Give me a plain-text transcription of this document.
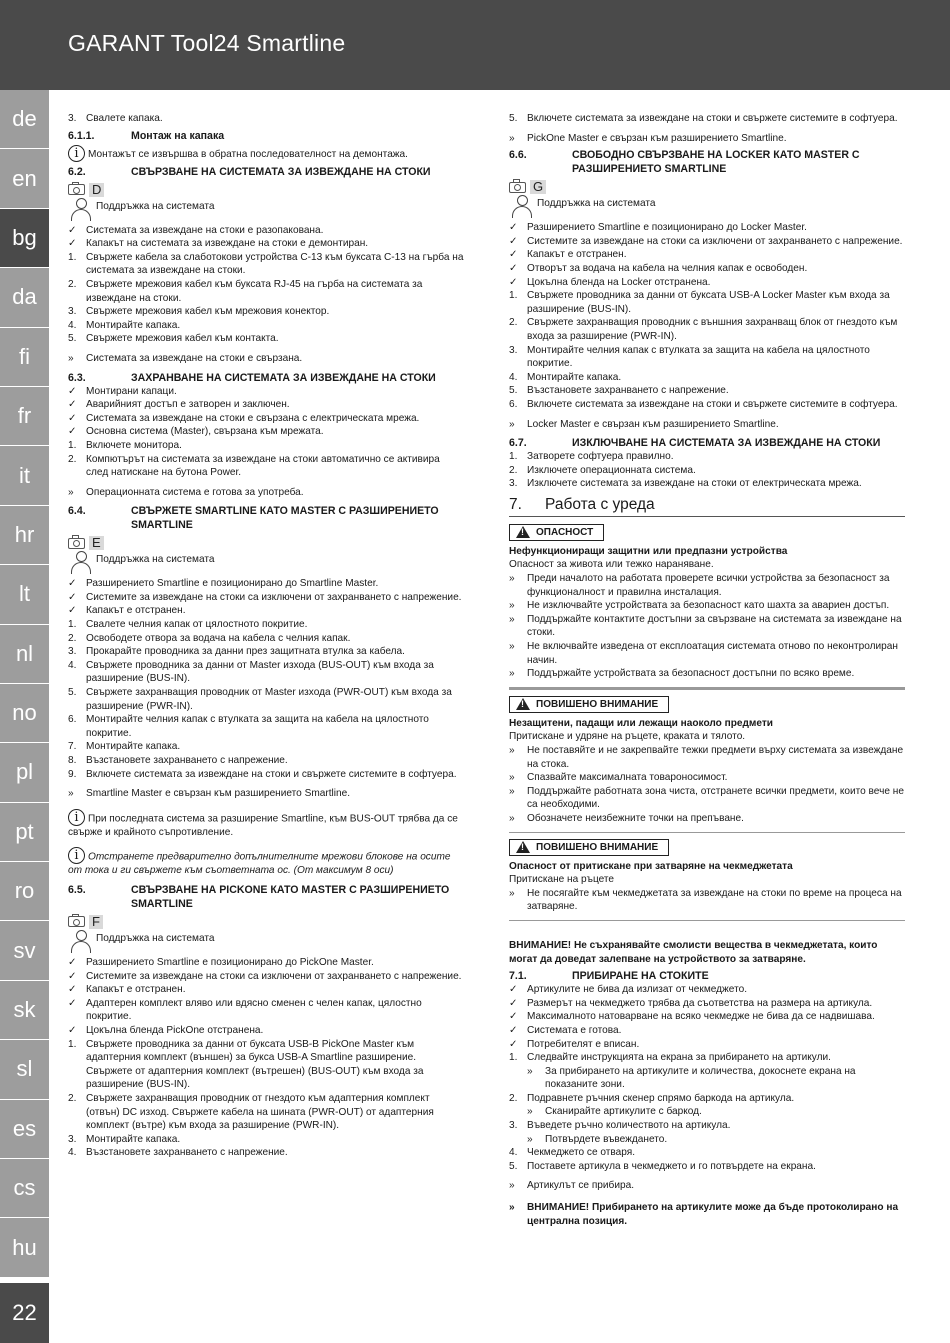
GARANT Tool24 Smartline
de
en
bg
da
fi
fr
it
hr
lt
nl
no
pl
pt
ro
sv
sk
sl
es
cs
hu
22
3. Свалете капака.
6.1.1.	Монтаж на капака
i Монтажът се извършва в обратна последователност на демонтажа.
6.2.	СВЪРЗВАНЕ НА СИСТЕМАТА ЗА ИЗВЕЖДАНЕ НА СТОКИ
D
Поддръжка на системата
✓ Системата за извеждане на стоки е разопакована.
✓ Капакът на системата за извеждане на стоки е демонтиран.
1. Свържете кабела за слаботокови устройства C-13 към буксата C-13 на гърба на системата за извеждане на стоки.
2. Свържете мрежовия кабел към буксата RJ-45 на гърба на системата за извеждане на стоки.
3. Свържете мрежовия кабел към мрежовия конектор.
4. Монтирайте капака.
5. Свържете мрежовия кабел към контакта.
» Системата за извеждане на стоки е свързана.
6.3.	ЗАХРАНВАНЕ НА СИСТЕМАТА ЗА ИЗВЕЖДАНЕ НА СТОКИ
✓ Монтирани капаци.
✓ Аварийният достъп е затворен и заключен.
✓ Системата за извеждане на стоки е свързана с електрическата мрежа.
✓ Основна система (Master), свързана към мрежата.
1. Включете монитора.
2. Компютърът на системата за извеждане на стоки автоматично се активира след натискане на бутона Power.
» Операционната система е готова за употреба.
6.4.	СВЪРЖЕТЕ SMARTLINE КАТО MASTER С РАЗШИРЕНИЕТО SMARTLINE
E
Поддръжка на системата
✓ Разширението Smartline е позиционирано до Smartline Master.
✓ Системите за извеждане на стоки са изключени от захранването с напрежение.
✓ Капакът е отстранен.
1. Свалете челния капак от цялостното покритие.
2. Освободете отвора за водача на кабела с челния капак.
3. Прокарайте проводника за данни през защитната втулка за кабела.
4. Свържете проводника за данни от Master изхода (BUS-OUT) към входа за разширение (BUS-IN).
5. Свържете захранващия проводник от Master изхода (PWR-OUT) към входа за разширение (PWR-IN).
6. Монтирайте челния капак с втулката за защита на кабела на цялостното покритие.
7. Монтирайте капака.
8. Възстановете захранването с напрежение.
9. Включете системата за извеждане на стоки и свържете системите в софтуера.
» Smartline Master е свързан към разширението Smartline.
i При последната система за разширение Smartline, към BUS-OUT трябва да се свърже и крайното съпротивление.
i Отстранете предварително допълнителните мрежови блокове на осите от тока и ги свържете към съответната ос. (От максимум 8 оси)
6.5.	СВЪРЗВАНЕ НА PICKONE КАТО MASTER С РАЗШИРЕНИЕТО SMARTLINE
F
Поддръжка на системата
✓ Разширението Smartline е позиционирано до PickOne Master.
✓ Системите за извеждане на стоки са изключени от захранването с напрежение.
✓ Капакът е отстранен.
✓ Адаптерен комплект вляво или вдясно сменен с челен капак, цялостно покритие.
✓ Цокълна бленда PickOne отстранена.
1. Свържете проводника за данни от буксата USB-B PickOne Master към адаптерния комплект (външен) за букса USB-A Smartline разширение. Свържете от адаптерния комплект (вътрешен) (BUS-OUT) към входа за разширение (BUS-IN).
2. Свържете захранващия проводник от гнездото към адаптерния комплект (отвън) DC изход. Свържете кабела на шината (PWR-OUT) от адаптерния комплект (вътре) към входа за разширение (PWR-IN).
3. Монтирайте капака.
4. Възстановете захранването с напрежение.
5. Включете системата за извеждане на стоки и свържете системите в софтуера.
» PickOne Master е свързан към разширението Smartline.
6.6.	СВОБОДНО СВЪРЗВАНЕ НА LOCKER КАТО MASTER С РАЗШИРЕНИЕТО SMARTLINE
G
Поддръжка на системата
✓ Разширението Smartline е позиционирано до Locker Master.
✓ Системите за извеждане на стоки са изключени от захранването с напрежение.
✓ Капакът е отстранен.
✓ Отворът за водача на кабела на челния капак е освободен.
✓ Цокълна бленда на Locker отстранена.
1. Свържете проводника за данни от буксата USB-A Locker Master към входа за разширение (BUS-IN).
2. Свържете захранващия проводник с външния захранващ блок от гнездото към входа за разширение (PWR-IN).
3. Монтирайте челния капак с втулката за защита на кабела на цялостното покритие.
4. Монтирайте капака.
5. Възстановете захранването с напрежение.
6. Включете системата за извеждане на стоки и свържете системите в софтуера.
» Locker Master е свързан към разширението Smartline.
6.7.	ИЗКЛЮЧВАНЕ НА СИСТЕМАТА ЗА ИЗВЕЖДАНЕ НА СТОКИ
1. Затворете софтуера правилно.
2. Изключете операционната система.
3. Изключете системата за извеждане на стоки от електрическата мрежа.
7.	Работа с уреда
!
ОПАСНОСТ
Нефункциониращи защитни или предпазни устройства
Опасност за живота или тежко нараняване.
» Преди началото на работата проверете всички устройства за безопасност за функционалност и правилна инсталация.
» Не изключвайте устройствата за безопасност като шахта за авариен достъп.
» Поддържайте контактите достъпни за свързване на системата за извеждане на стоки.
» Не включвайте изведена от експлоатация системата отново по неконтролиран начин.
» Поддържайте устройствата за безопасност достъпни по всяко време.
!
ПОВИШЕНО ВНИМАНИЕ
Незащитени, падащи или лежащи наоколо предмети
Притискане и удряне на ръцете, краката и тялото.
» Не поставяйте и не закрепвайте тежки предмети върху системата за извеждане на стока.
» Спазвайте максималната товароносимост.
» Поддържайте работната зона чиста, отстранете всички предмети, които вече не са необходими.
» Обозначете неизбежните точки на препъване.
!
ПОВИШЕНО ВНИМАНИЕ
Опасност от притискане при затваряне на чекмеджетата
Притискане на ръцете
» Не посягайте към чекмеджетата за извеждане на стоки по време на процеса на затваряне.
ВНИМАНИЕ! Не съхранявайте смолисти вещества в чекмеджетата, които могат да доведат залепване на устройството за затваряне.
7.1.	ПРИБИРАНЕ НА СТОКИТЕ
✓ Артикулите не бива да излизат от чекмеджето.
✓ Размерът на чекмеджето трябва да съответства на размера на артикула.
✓ Максималното натоварване на всяко чекмедже не бива да се надвишава.
✓ Системата е готова.
✓ Потребителят е вписан.
1. Следвайте инструкцията на екрана за прибирането на артикули.
» За прибирането на артикулите и количества, докоснете екрана на показаните зони.
2. Подравнете ръчния скенер спрямо баркода на артикула.
» Сканирайте артикулите с баркод.
3. Въведете ръчно количеството на артикула.
» Потвърдете въвеждането.
4. Чекмеджето се отваря.
5. Поставете артикула в чекмеджето и го потвърдете на екрана.
» Артикулът се прибира.
» ВНИМАНИЕ! Прибирането на артикулите може да бъде протоколирано на централна позиция.
